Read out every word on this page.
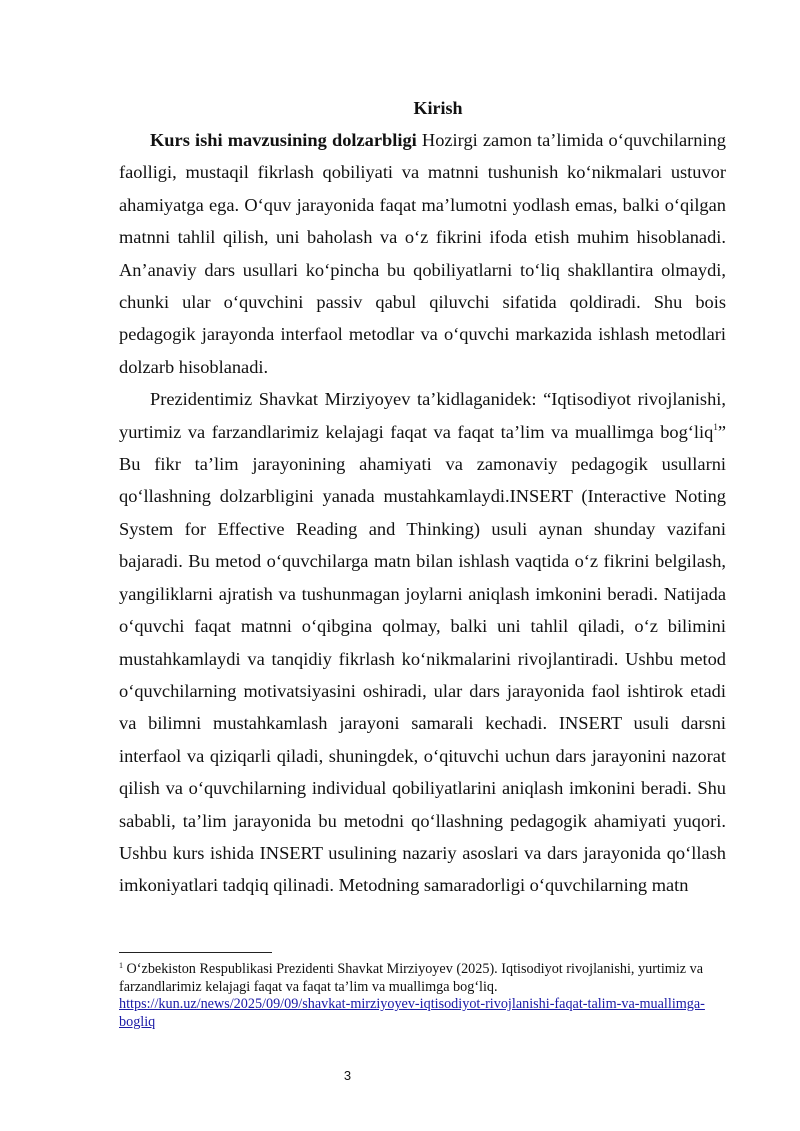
Kirish

Kurs ishi mavzusining dolzarbligi Hozirgi zamon ta’limida o‘quvchilarning faolligi, mustaqil fikrlash qobiliyati va matnni tushunish ko‘nikmalari ustuvor ahamiyatga ega. O‘quv jarayonida faqat ma’lumotni yodlash emas, balki o‘qilgan matnni tahlil qilish, uni baholash va o‘z fikrini ifoda etish muhim hisoblanadi. An’anaviy dars usullari ko‘pincha bu qobiliyatlarni to‘liq shakllantira olmaydi, chunki ular o‘quvchini passiv qabul qiluvchi sifatida qoldiradi. Shu bois pedagogik jarayonda interfaol metodlar va o‘quvchi markazida ishlash metodlari dolzarb hisoblanadi.

Prezidentimiz Shavkat Mirziyoyev ta’kidlaganidek: “Iqtisodiyot rivojlanishi, yurtimiz va farzandlarimiz kelajagi faqat va faqat ta’lim va muallimga bog‘liq$^1$” Bu fikr ta’lim jarayonining ahamiyati va zamonaviy pedagogik usullarni qo‘llashning dolzarbligini yanada mustahkamlaydi.INSERT (Interactive Noting System for Effective Reading and Thinking) usuli aynan shunday vazifani bajaradi. Bu metod o‘quvchilarga matn bilan ishlash vaqtida o‘z fikrini belgilash, yangiliklarni ajratish va tushunmagan joylarni aniqlash imkonini beradi. Natijada o‘quvchi faqat matnni o‘qibgina qolmay, balki uni tahlil qiladi, o‘z bilimini mustahkamlaydi va tanqidiy fikrlash ko‘nikmalarini rivojlantiradi. Ushbu metod o‘quvchilarning motivatsiyasini oshiradi, ular dars jarayonida faol ishtirok etadi va bilimni mustahkamlash jarayoni samarali kechadi. INSERT usuli darsni interfaol va qiziqarli qiladi, shuningdek, o‘qituvchi uchun dars jarayonini nazorat qilish va o‘quvchilarning individual qobiliyatlarini aniqlash imkonini beradi. Shu sababli, ta’lim jarayonida bu metodni qo‘llashning pedagogik ahamiyati yuqori. Ushbu kurs ishida INSERT usulining nazariy asoslari va dars jarayonida qo‘llash imkoniyatlari tadqiq qilinadi. Metodning samaradorligi o‘quvchilarning matn

$^1$ O‘zbekiston Respublikasi Prezidenti Shavkat Mirziyoyev (2025). Iqtisodiyot rivojlanishi, yurtimiz va farzandlarimiz kelajagi faqat va faqat ta’lim va muallimga bog‘liq.
https://kun.uz/news/2025/09/09/shavkat-mirziyoyev-iqtisodiyot-rivojlanishi-faqat-talim-va-muallimga-bogliq
3
